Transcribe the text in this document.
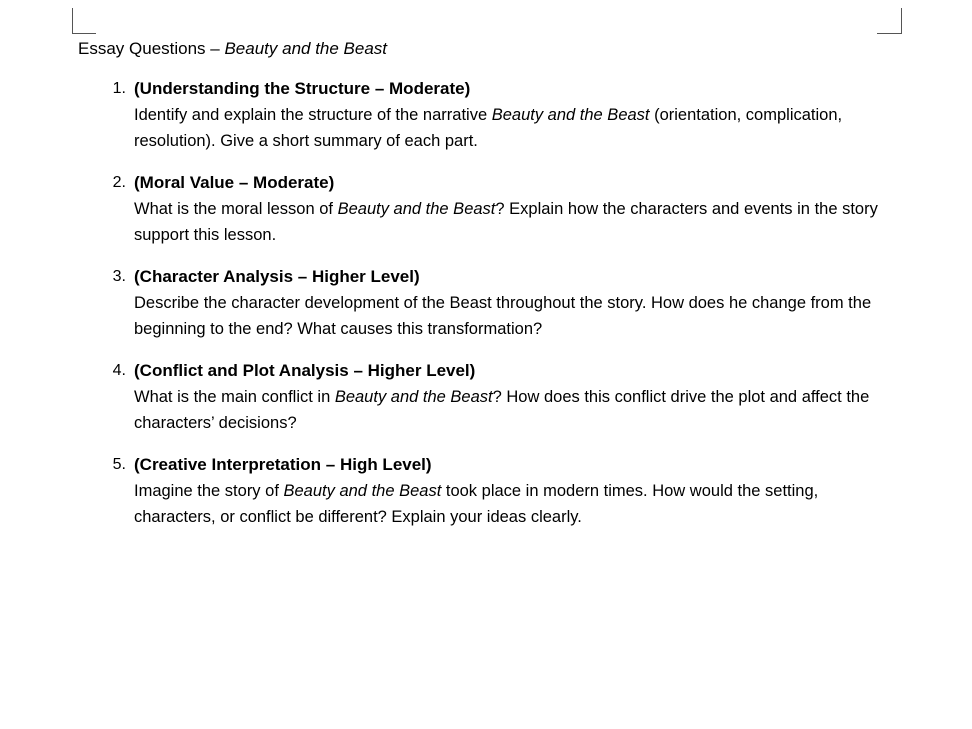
Essay Questions – Beauty and the Beast
(Understanding the Structure – Moderate)
Identify and explain the structure of the narrative Beauty and the Beast (orientation, complication, resolution). Give a short summary of each part.
(Moral Value – Moderate)
What is the moral lesson of Beauty and the Beast? Explain how the characters and events in the story support this lesson.
(Character Analysis – Higher Level)
Describe the character development of the Beast throughout the story. How does he change from the beginning to the end? What causes this transformation?
(Conflict and Plot Analysis – Higher Level)
What is the main conflict in Beauty and the Beast? How does this conflict drive the plot and affect the characters’ decisions?
(Creative Interpretation – High Level)
Imagine the story of Beauty and the Beast took place in modern times. How would the setting, characters, or conflict be different? Explain your ideas clearly.
